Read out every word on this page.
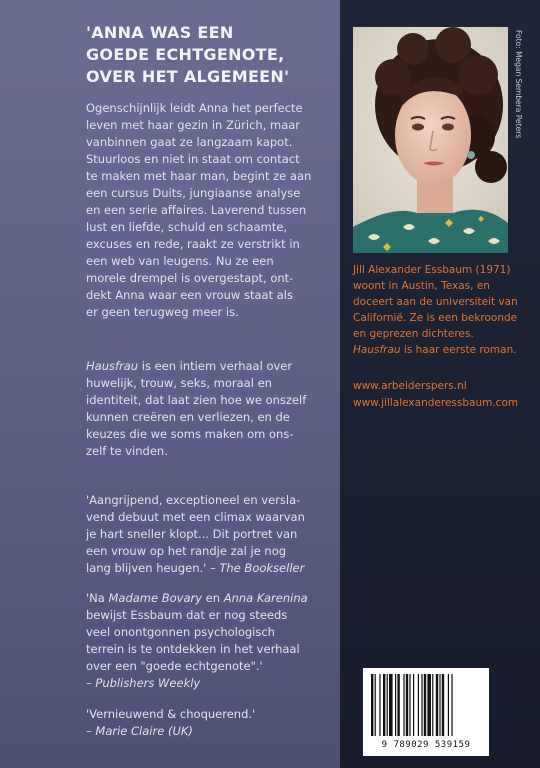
'ANNA WAS EEN
GOEDE ECHTGENOTE,
OVER HET ALGEMEEN'
Ogenschijnlijk leidt Anna het perfecte
leven met haar gezin in Zürich, maar
vanbinnen gaat ze langzaam kapot.
Stuurloos en niet in staat om contact
te maken met haar man, begint ze aan
een cursus Duits, jungiaanse analyse
en een serie affaires. Laverend tussen
lust en liefde, schuld en schaamte,
excuses en rede, raakt ze verstrikt in
een web van leugens. Nu ze een
morele drempel is overgestapt, ont-
dekt Anna waar een vrouw staat als
er geen terugweg meer is.
Hausfrau is een intiem verhaal over
huwelijk, trouw, seks, moraal en
identiteit, dat laat zien hoe we onszelf
kunnen creëren en verliezen, en de
keuzes die we soms maken om ons-
zelf te vinden.
'Aangrijpend, exceptioneel en versla-
vend debuut met een climax waarvan
je hart sneller klopt... Dit portret van
een vrouw op het randje zal je nog
lang blijven heugen.' – The Bookseller
'Na Madame Bovary en Anna Karenina
bewijst Essbaum dat er nog steeds
veel onontgonnen psychologisch
terrein is te ontdekken in het verhaal
over een "goede echtgenote".'
– Publishers Weekly
'Vernieuwend & choquerend.'
– Marie Claire (UK)
Foto: Megan Sembera Peters
Jill Alexander Essbaum (1971)
woont in Austin, Texas, en
doceert aan de universiteit van
Californië. Ze is een bekroonde
en geprezen dichteres.
Hausfrau is haar eerste roman.
www.arbeiderspers.nl
www.jillalexanderessbaum.com
9 789029 539159
